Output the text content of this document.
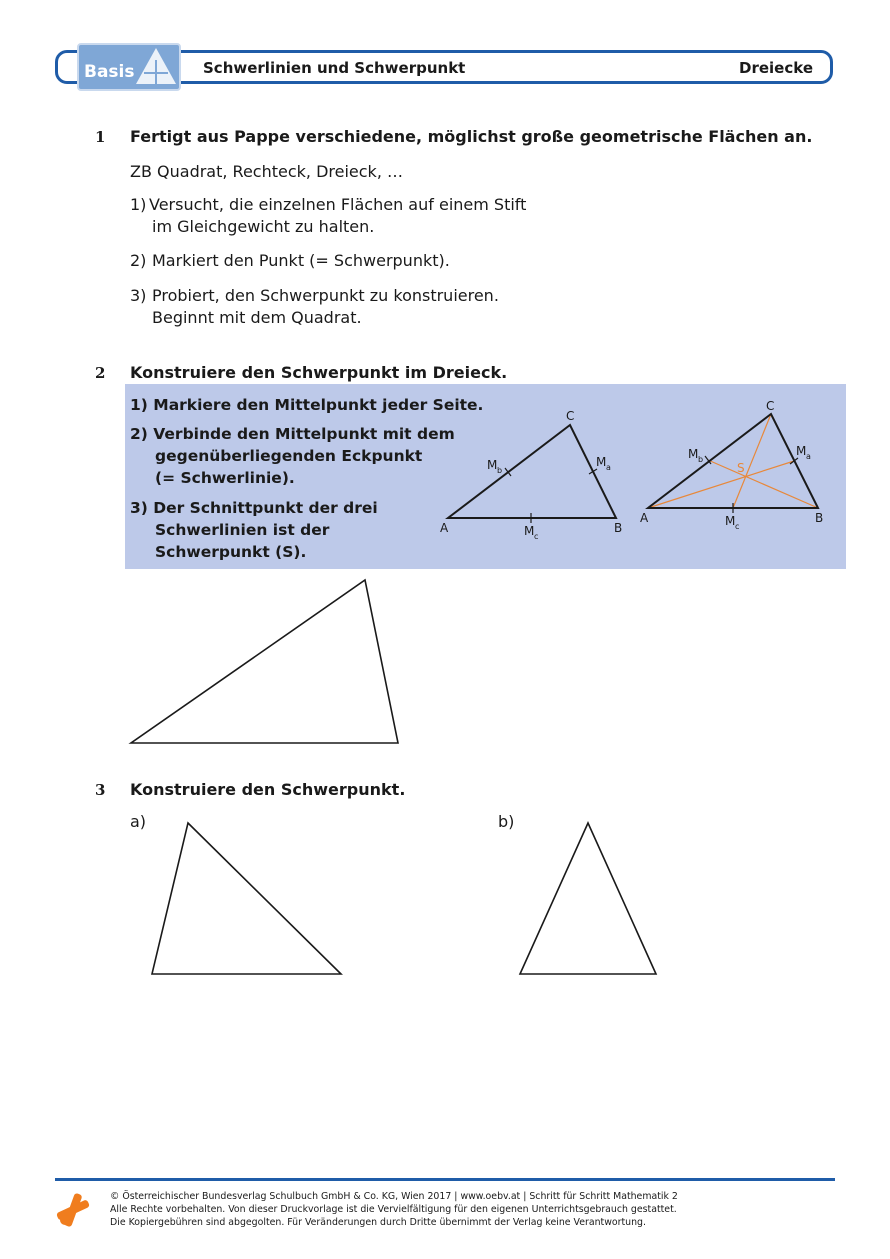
Basis	Schwerlinien und Schwerpunkt	Dreiecke
1 Fertigt aus Pappe verschiedene, möglichst große geometrische Flächen an.
ZB Quadrat, Rechteck, Dreieck, …
1) Versucht, die einzelnen Flächen auf einem Stift
im Gleichgewicht zu halten.
2) Markiert den Punkt (= Schwerpunkt).
3) Probiert, den Schwerpunkt zu konstruieren.
Beginnt mit dem Quadrat.
2 Konstruiere den Schwerpunkt im Dreieck.
1) Markiere den Mittelpunkt jeder Seite.
2) Verbinde den Mittelpunkt mit dem
gegenüberliegenden Eckpunkt
(= Schwerlinie).
3) Der Schnittpunkt der drei
Schwerlinien ist der
Schwerpunkt (S).
A	B
C
M c
M a
M b
A	B
C
S
M c
M a
M b
3 Konstruiere den Schwerpunkt.
a)	b)
© Österreichischer Bundesverlag Schulbuch GmbH & Co. KG, Wien 2017 | www.oebv.at | Schritt für Schritt Mathematik 2
Alle Rechte vorbehalten. Von dieser Druckvorlage ist die Vervielfältigung für den eigenen Unterrichtsgebrauch gestattet.
Die Kopiergebühren sind abgegolten. Für Veränderungen durch Dritte übernimmt der Verlag keine Verantwortung.
